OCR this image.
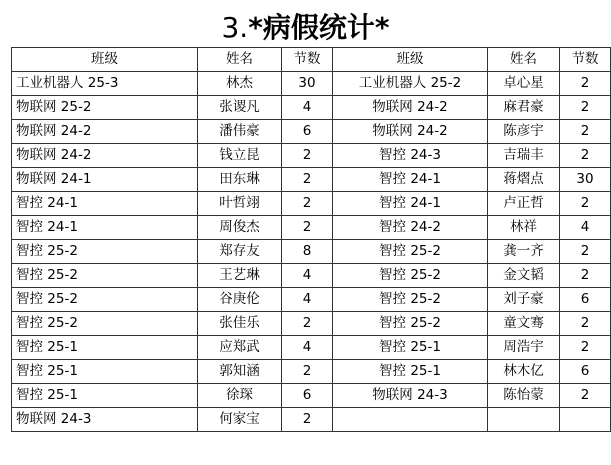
3.*病假统计*
班级	姓名	节数	班级	姓名	节数
工业机器人 25-3	林杰	30	工业机器人 25-2	卓心星	2
物联网 25-2	张谡凡	4	物联网 24-2	麻君豪	2
物联网 24-2	潘伟豪	6	物联网 24-2	陈彦宇	2
物联网 24-2	钱立昆	2	智控 24-3	吉瑞丰	2
物联网 24-1	田东琳	2	智控 24-1	蒋熠点	30
智控 24-1	叶哲翊	2	智控 24-1	卢正哲	2
智控 24-1	周俊杰	2	智控 24-2	林祥	4
智控 25-2	郑存友	8	智控 25-2	龚一齐	2
智控 25-2	王艺琳	4	智控 25-2	金文韬	2
智控 25-2	谷庚伦	4	智控 25-2	刘子豪	6
智控 25-2	张佳乐	2	智控 25-2	童文骞	2
智控 25-1	应郑武	4	智控 25-1	周浩宇	2
智控 25-1	郭知涵	2	智控 25-1	林木亿	6
智控 25-1	徐琛	6	物联网 24-3	陈怡蒙	2
物联网 24-3	何家宝	2			
